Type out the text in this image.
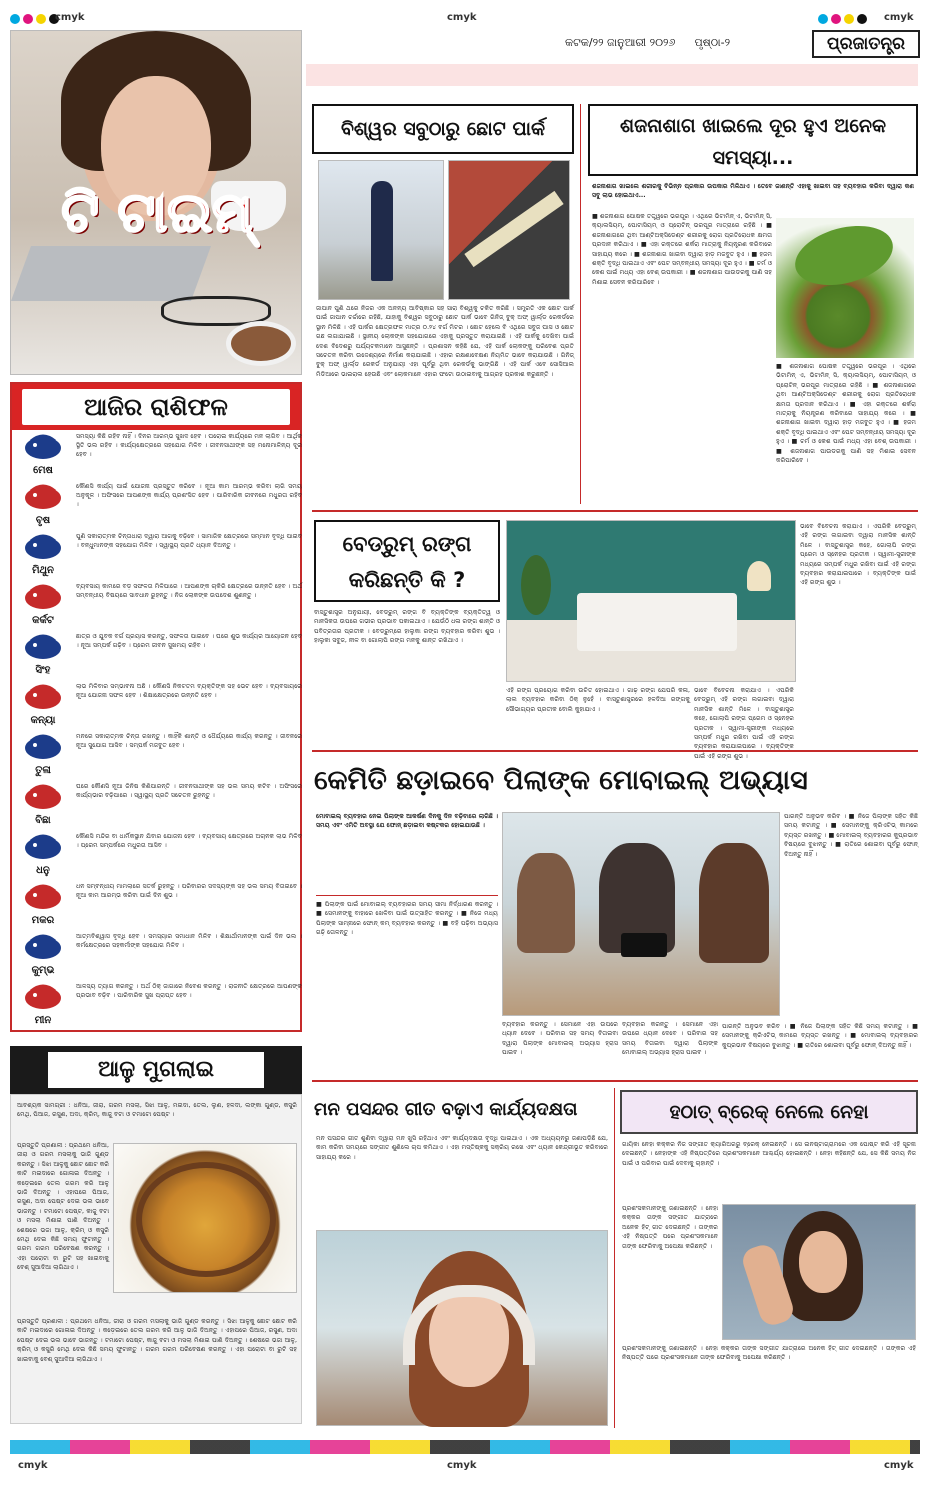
cmyk	cmyk	cmyk
କଟକ/୨୨ ଜାନୁଆରୀ ୨୦୨୬ ପୃଷ୍ଠା-୨	ପ୍ରଜାତନ୍ତ୍ର
ଟି ଟାଇମ୍
ଆଜିର ରାଶିଫଳ
ମେଷ
ସମସ୍ୟା କିଛି ରହିବ ନାହିଁ । ଦିନର ଆରମ୍ଭ ସୁଖଦ ହେବ । ଘରୋଇ କାର୍ଯ୍ୟରେ ମନ ଲାଗିବ । ଆର୍ଥିକ ସ୍ଥିତି ଭଲ ରହିବ । କାର୍ଯ୍ୟକ୍ଷେତ୍ରରେ ସହଯୋଗ ମିଳିବ । ଜୀବନସାଥୀଙ୍କ ସହ ମନୋମାଳିନ୍ୟ ଦୂର ହେବ ।
ବୃଷ
କୌଣସି କାର୍ଯ୍ୟ ପାଇଁ ଯୋଜନା ପ୍ରସ୍ତୁତ କରିବେ । ନୂଆ କାମ ଆରମ୍ଭ କରିବା ଲାଗି ସମୟ ଅନୁକୂଳ । ଅଫିସରେ ଆପଣଙ୍କ କାର୍ଯ୍ୟ ପ୍ରଶଂସିତ ହେବ । ପାରିବାରିକ ଜୀବନରେ ମଧୁରତା ରହିବ ।
ମିଥୁନ
ପୁଣି ସକାରାତ୍ମକ ଚିନ୍ତାଧାରା ଦ୍ୱାରା ଆଗକୁ ବଢ଼ିବେ । ସାମାଜିକ କ୍ଷେତ୍ରରେ ସମ୍ମାନ ବୃଦ୍ଧି ପାଇବ । ବନ୍ଧୁମାନଙ୍କ ସହଯୋଗ ମିଳିବ । ସ୍ୱାସ୍ଥ୍ୟ ପ୍ରତି ଧ୍ୟାନ ଦିଅନ୍ତୁ ।
କର୍କଟ
ବ୍ୟବସାୟ କାମରେ ବଡ଼ ସଫଳତା ମିଳିପାରେ । ଆପଣଙ୍କ ଚାକିରି କ୍ଷେତ୍ରରେ ଉନ୍ନତି ହେବ । ଅର୍ଥ ସମ୍ବନ୍ଧୀୟ ବିଷୟରେ ସାବଧାନ ରୁହନ୍ତୁ । ନିଜ ଲୋକଙ୍କ ଉପଦେଶ ଶୁଣନ୍ତୁ ।
ସିଂହ
ଛାତ୍ର ଓ ଯୁବକ ବର୍ଗ ପ୍ରୟାସ କରନ୍ତୁ, ସଫଳତା ପାଇବେ । ଘରେ ଶୁଭ କାର୍ଯ୍ୟର ଆୟୋଜନ ହେବ । ନୂଆ ସମ୍ପର୍କ ଗଢ଼ିବ । ପ୍ରେମ ଜୀବନ ସୁଖମୟ ରହିବ ।
କନ୍ୟା
ଲାଭ ମିଳିବାର ସମ୍ଭାବନା ଅଛି । କୌଣସି ନିକଟତମ ବ୍ୟକ୍ତିଙ୍କ ସହ ଭେଟ ହେବ । ବ୍ୟବସାୟରେ ନୂଆ ଯୋଜନା ସଫଳ ହେବ । ଶିକ୍ଷାକ୍ଷେତ୍ରରେ ଉନ୍ନତି ହେବ ।
ତୁଳା
ମନରେ ସକାରାତ୍ମକ ଚିନ୍ତା ରଖନ୍ତୁ । କାହିଁକି ଶାନ୍ତି ଓ ଧୈର୍ଯ୍ୟରେ କାର୍ଯ୍ୟ କରନ୍ତୁ । ଜୀବନରେ ନୂଆ ସୁଯୋଗ ଆସିବ । ସମ୍ପର୍କ ମଜବୁତ ହେବ ।
ବିଛା
ଘରେ କୌଣସି ନୂଆ ଜିନିଷ କିଣିପାରନ୍ତି । ଜୀବନସାଥୀଙ୍କ ସହ ଭଲ ସମୟ କଟିବ । ଅଫିସରେ କାର୍ଯ୍ୟଭାର ବଢ଼ିପାରେ । ସ୍ୱାସ୍ଥ୍ୟ ପ୍ରତି ସଚେତନ ରୁହନ୍ତୁ ।
ଧନୁ
କୌଣସି ମନ୍ଦିର ବା ଧାର୍ମିକସ୍ଥାନ ଯିବାର ଯୋଜନା ହେବ । ବ୍ୟବସାୟ କ୍ଷେତ୍ରରେ ଅଚାନକ ଲାଭ ମିଳିବ । ପ୍ରେମ ସମ୍ପର୍କରେ ମଧୁରତା ଆସିବ ।
ମକର
ଧନ ସମ୍ବନ୍ଧୀୟ ମାମଲାରେ ସତର୍କ ରୁହନ୍ତୁ । ପରିବାରର ସଦସ୍ୟଙ୍କ ସହ ଭଲ ସମୟ ବିତାଇବେ । ନୂଆ କାମ ଆରମ୍ଭ କରିବା ପାଇଁ ଦିନ ଶୁଭ ।
କୁମ୍ଭ
ଆତ୍ମବିଶ୍ୱାସ ବୃଦ୍ଧି ହେବ । ସମସ୍ୟାର ସମାଧାନ ମିଳିବ । ଶିକ୍ଷାର୍ଥୀମାନଙ୍କ ପାଇଁ ଦିନ ଭଲ । କର୍ମକ୍ଷେତ୍ରରେ ସହକର୍ମୀଙ୍କ ସହଯୋଗ ମିଳିବ ।
ମୀନ
ଆଳସ୍ୟ ତ୍ୟାଗ କରନ୍ତୁ । ଅର୍ଥ ଠିକ୍ ଜାଗାରେ ନିବେଶ କରନ୍ତୁ । ରାଜନୀତି କ୍ଷେତ୍ରରେ ଆପଣଙ୍କ ପ୍ରଭାବ ବଢ଼ିବ । ପାରିବାରିକ ସୁଖ ପ୍ରାପ୍ତ ହେବ ।
ଆଳୁ ମୁଗଲାଇ
ଆବଶ୍ୟକ ସାମଗ୍ରୀ : ଧନିଆ, ଜୀରା, ଗରମ ମସଲା, ସିଝା ଆଳୁ, ମଇଦା, ତେଲ, ଲୁଣ, ହଳଦୀ, ଲଙ୍କା ଗୁଣ୍ଡ, କସୁରି ମେଥି, ପିଆଜ, ରସୁଣ, ଅଦା, କ୍ରିମ୍, କାଜୁ ବଟା ଓ ଟମାଟୋ ପେଷ୍ଟ ।
ପ୍ରସ୍ତୁତି ପ୍ରଣାଳୀ : ପ୍ରଥମେ ଧନିଆ, ଜୀରା ଓ ଗରମ ମସଲାକୁ ଭାଜି ଗୁଣ୍ଡ କରନ୍ତୁ । ସିଝା ଆଳୁକୁ ଛୋଟ ଛୋଟ କରି କାଟି ମଇଦାରେ ଗୋଳାଇ ଦିଅନ୍ତୁ । କଡ଼େଇରେ ତେଲ ଗରମ କରି ଆଳୁ ଭାଜି ଦିଅନ୍ତୁ । ଏହାପରେ ପିଆଜ, ରସୁଣ, ଅଦା ପେଷ୍ଟ ଦେଇ ଭଲ ଭାବେ ଭାଜନ୍ତୁ । ଟମାଟୋ ପେଷ୍ଟ, କାଜୁ ବଟା ଓ ମସଲା ମିଶାଇ ପାଣି ଦିଅନ୍ତୁ । ଶେଷରେ ଭଜା ଆଳୁ, କ୍ରିମ୍ ଓ କସୁରି ମେଥି ଦେଇ କିଛି ସମୟ ଫୁଟାନ୍ତୁ । ଗରମ ଗରମ ପରିବେଷଣ କରନ୍ତୁ । ଏହା ପରୋଟା ବା ରୁଟି ସହ ଖାଇବାକୁ ବେଶ୍ ସୁଆଦିଆ ଲାଗିଥାଏ ।
ପ୍ରସ୍ତୁତି ପ୍ରଣାଳୀ : ପ୍ରଥମେ ଧନିଆ, ଜୀରା ଓ ଗରମ ମସଲାକୁ ଭାଜି ଗୁଣ୍ଡ କରନ୍ତୁ । ସିଝା ଆଳୁକୁ ଛୋଟ ଛୋଟ କରି କାଟି ମଇଦାରେ ଗୋଳାଇ ଦିଅନ୍ତୁ । କଡ଼େଇରେ ତେଲ ଗରମ କରି ଆଳୁ ଭାଜି ଦିଅନ୍ତୁ । ଏହାପରେ ପିଆଜ, ରସୁଣ, ଅଦା ପେଷ୍ଟ ଦେଇ ଭଲ ଭାବେ ଭାଜନ୍ତୁ । ଟମାଟୋ ପେଷ୍ଟ, କାଜୁ ବଟା ଓ ମସଲା ମିଶାଇ ପାଣି ଦିଅନ୍ତୁ । ଶେଷରେ ଭଜା ଆଳୁ, କ୍ରିମ୍ ଓ କସୁରି ମେଥି ଦେଇ କିଛି ସମୟ ଫୁଟାନ୍ତୁ । ଗରମ ଗରମ ପରିବେଷଣ କରନ୍ତୁ । ଏହା ପରୋଟା ବା ରୁଟି ସହ ଖାଇବାକୁ ବେଶ୍ ସୁଆଦିଆ ଲାଗିଥାଏ ।
cmyk	cmyk	cmyk
ବିଶ୍ୱର ସବୁଠାରୁ ଛୋଟ ପାର୍କ
ଜାପାନ ପୁଣି ଥରେ ନିଜର ଏକ ଅନନ୍ୟ ଆବିଷ୍କାର ସହ ସାରା ବିଶ୍ୱକୁ ଚକିତ କରିଛି । ସମ୍ପ୍ରତି ଏକ ଛୋଟ ପାର୍କ ପାଇଁ ଜାପାନ ଚର୍ଚ୍ଚାରେ ରହିଛି, ଯାହାକୁ ବିଶ୍ୱର ସବୁଠାରୁ ଛୋଟ ପାର୍କ ଭାବେ ଗିନିଜ୍ ବୁକ୍ ଅଫ୍ ୱାର୍ଲ୍ଡ ରେକର୍ଡରେ ସ୍ଥାନ ମିଳିଛି । ଏହି ପାର୍କର କ୍ଷେତ୍ରଫଳ ମାତ୍ର ୦.୨୪ ବର୍ଗ ମିଟର । ଛୋଟ ହେଲେ ବି ଏଥିରେ ସବୁଜ ଘାସ ଓ ଛୋଟ ଗଛ ଲଗାଯାଇଛି । ସ୍ଥାନୀୟ ଲୋକଙ୍କ ସହଯୋଗରେ ଏହାକୁ ପ୍ରସ୍ତୁତ କରାଯାଇଛି । ଏହି ପାର୍କକୁ ଦେଖିବା ପାଇଁ ଦେଶ ବିଦେଶରୁ ପର୍ଯ୍ୟଟକମାନେ ଆସୁଛନ୍ତି । ପ୍ରଶାସନ କହିଛି ଯେ, ଏହି ପାର୍କ ଲୋକଙ୍କୁ ପରିବେଶ ପ୍ରତି ସଚେତନ କରିବା ଉଦ୍ଦେଶ୍ୟରେ ନିର୍ମାଣ କରାଯାଇଛି । ଏହାର ରକ୍ଷଣାବେକ୍ଷଣ ନିୟମିତ ଭାବେ କରାଯାଉଛି । ଗିନିଜ୍ ବୁକ୍ ଅଫ୍ ୱାର୍ଲ୍ଡ ରେକର୍ଡ ଅନୁଯାୟୀ ଏହା ପୂର୍ବରୁ ଥିବା ରେକର୍ଡକୁ ଭାଙ୍ଗିଛି । ଏହି ପାର୍କ ଏବେ ସୋସିଆଲ ମିଡିଆରେ ଭାଇରାଲ ହେଉଛି ଏବଂ ଲୋକମାନେ ଏହାର ଫଟୋ ଉଠାଇବାକୁ ଆଗ୍ରହ ପ୍ରକାଶ କରୁଛନ୍ତି ।
ଶଜନାଶାଗ ଖାଇଲେ ଦୂର ହୁଏ ଅନେକ ସମସ୍ୟା...
ଶଜନାଶାଗ ଖାଇଲେ ଶରୀରକୁ ବିଭିନ୍ନ ପ୍ରକାର ଉପକାର ମିଳିଥାଏ । ତେବେ ଜାଣନ୍ତି ଏହାକୁ ଖାଇବା ସହ ବ୍ୟବହାର କରିବା ଦ୍ୱାରା କଣ ସବୁ ଲାଭ ହୋଇଥାଏ...
■ ଶଜନାଶାଗ ପୋଷକ ତତ୍ତ୍ୱରେ ଭରପୂର । ଏଥିରେ ଭିଟାମିନ୍ ଏ, ଭିଟାମିନ୍ ସି, କ୍ୟାଲସିୟମ୍, ପୋଟାସିୟମ୍ ଓ ପ୍ରୋଟିନ୍ ଭରପୂର ମାତ୍ରାରେ ରହିଛି । ■ ଶଜନାଶାଗରେ ଥିବା ଆଣ୍ଟିଅକ୍ସିଡେଣ୍ଟ ଶରୀରକୁ ରୋଗ ପ୍ରତିରୋଧକ କ୍ଷମତା ପ୍ରଦାନ କରିଥାଏ । ■ ଏହା ରକ୍ତରେ ଶର୍କରା ମାତ୍ରାକୁ ନିୟନ୍ତ୍ରଣ କରିବାରେ ସାହାଯ୍ୟ କରେ । ■ ଶଜନାଶାଗ ଖାଇବା ଦ୍ୱାରା ହାଡ଼ ମଜବୁତ ହୁଏ । ■ ହଜମ ଶକ୍ତି ବୃଦ୍ଧି ପାଇଥାଏ ଏବଂ ପେଟ ସମ୍ବନ୍ଧୀୟ ସମସ୍ୟା ଦୂର ହୁଏ । ■ ଚର୍ମ ଓ କେଶ ପାଇଁ ମଧ୍ୟ ଏହା ବେଶ୍ ଉପକାରୀ । ■ ଶଜନାଶାଗ ପାଉଡରକୁ ପାଣି ସହ ମିଶାଇ ସେବନ କରିପାରିବେ ।
■ ଶଜନାଶାଗ ପୋଷକ ତତ୍ତ୍ୱରେ ଭରପୂର । ଏଥିରେ ଭିଟାମିନ୍ ଏ, ଭିଟାମିନ୍ ସି, କ୍ୟାଲସିୟମ୍, ପୋଟାସିୟମ୍ ଓ ପ୍ରୋଟିନ୍ ଭରପୂର ମାତ୍ରାରେ ରହିଛି । ■ ଶଜନାଶାଗରେ ଥିବା ଆଣ୍ଟିଅକ୍ସିଡେଣ୍ଟ ଶରୀରକୁ ରୋଗ ପ୍ରତିରୋଧକ କ୍ଷମତା ପ୍ରଦାନ କରିଥାଏ । ■ ଏହା ରକ୍ତରେ ଶର୍କରା ମାତ୍ରାକୁ ନିୟନ୍ତ୍ରଣ କରିବାରେ ସାହାଯ୍ୟ କରେ । ■ ଶଜନାଶାଗ ଖାଇବା ଦ୍ୱାରା ହାଡ଼ ମଜବୁତ ହୁଏ । ■ ହଜମ ଶକ୍ତି ବୃଦ୍ଧି ପାଇଥାଏ ଏବଂ ପେଟ ସମ୍ବନ୍ଧୀୟ ସମସ୍ୟା ଦୂର ହୁଏ । ■ ଚର୍ମ ଓ କେଶ ପାଇଁ ମଧ୍ୟ ଏହା ବେଶ୍ ଉପକାରୀ । ■ ଶଜନାଶାଗ ପାଉଡରକୁ ପାଣି ସହ ମିଶାଇ ସେବନ କରିପାରିବେ ।
ବେଡ୍‌ରୁମ୍ ରଙ୍ଗ କରିଛନ୍ତି କି ?
ବାସ୍ତୁଶାସ୍ତ୍ର ଅନୁଯାୟୀ, ବେଡ୍‌ରୁମ୍ ରଙ୍ଗ ବି ବ୍ୟକ୍ତିଙ୍କ ବ୍ୟକ୍ତିତ୍ୱ ଓ ମାନସିକତା ଉପରେ ଗଭୀର ପ୍ରଭାବ ପକାଇଥାଏ । ଯେଉଁଠି ଧଳା ରଙ୍ଗ ଶାନ୍ତି ଓ ପବିତ୍ରତାର ପ୍ରତୀକ । ବେଡ୍‌ରୁମ୍‌ରେ ହାଲୁକା ରଙ୍ଗ ବ୍ୟବହାର କରିବା ଶୁଭ । ହାଲୁକା ସବୁଜ, ନୀଳ ବା ଗୋଲାପି ରଙ୍ଗ ମନକୁ ଶାନ୍ତ ରଖିଥାଏ ।
ଏହି ରଙ୍ଗ ପ୍ରୟୋଗ କରିବା ଉଚିତ ହୋଇଥାଏ । ଗାଢ଼ ରଙ୍ଗ ଯେପରି କଳା, ଲାଲ ବ୍ୟବହାର କରିବା ଠିକ୍ ନୁହେଁ । ବାସ୍ତୁଶାସ୍ତ୍ରରେ ହଳଦିଆ ରଙ୍ଗକୁ ସୌଭାଗ୍ୟର ପ୍ରତୀକ ବୋଲି କୁହାଯାଏ ।
ଭାବେ ବିବେଚନା କରାଯାଏ । ଏପରିକି ବେଡ୍‌ରୁମ୍ ଏହି ରଙ୍ଗ ଲଗାଇବା ଦ୍ୱାରା ମାନସିକ ଶାନ୍ତି ମିଳେ । ବାସ୍ତୁଶାସ୍ତ୍ର କହେ, ଗୋଲାପି ରଙ୍ଗ ପ୍ରେମ ଓ ସ୍ନେହର ପ୍ରତୀକ । ସ୍ୱାମୀ-ସ୍ତ୍ରୀଙ୍କ ମଧ୍ୟରେ ସମ୍ପର୍କ ମଧୁର ରଖିବା ପାଇଁ ଏହି ରଙ୍ଗ ବ୍ୟବହାର କରାଯାଇପାରେ । ବ୍ୟକ୍ତିଙ୍କ ପାଇଁ ଏହି ରଙ୍ଗ ଶୁଭ ।
ଭାବେ ବିବେଚନା କରାଯାଏ । ଏପରିକି ବେଡ୍‌ରୁମ୍ ଏହି ରଙ୍ଗ ଲଗାଇବା ଦ୍ୱାରା ମାନସିକ ଶାନ୍ତି ମିଳେ । ବାସ୍ତୁଶାସ୍ତ୍ର କହେ, ଗୋଲାପି ରଙ୍ଗ ପ୍ରେମ ଓ ସ୍ନେହର ପ୍ରତୀକ । ସ୍ୱାମୀ-ସ୍ତ୍ରୀଙ୍କ ମଧ୍ୟରେ ସମ୍ପର୍କ ମଧୁର ରଖିବା ପାଇଁ ଏହି ରଙ୍ଗ ବ୍ୟବହାର କରାଯାଇପାରେ । ବ୍ୟକ୍ତିଙ୍କ ପାଇଁ ଏହି ରଙ୍ଗ ଶୁଭ ।
କେମିତି ଛଡ଼ାଇବେ ପିଲାଙ୍କ ମୋବାଇଲ୍ ଅଭ୍ୟାସ
ମୋବାଇଲ୍ ବ୍ୟବହାର ନେଇ ପିଲାଙ୍କ ଆକର୍ଷଣ ଦିନକୁ ଦିନ ବଢ଼ିବାରେ ଲାଗିଛି । ସମୟ ଏବଂ ଏମିତି ଅବସ୍ଥା ଯେ ଫୋନ୍ ଛଡ଼ାଇବା କଷ୍ଟକର ହୋଇଯାଉଛି ।
■ ପିଲାଙ୍କ ପାଇଁ ମୋବାଇଲ୍ ବ୍ୟବହାରର ସମୟ ସୀମା ନିର୍ଦ୍ଧାରଣ କରନ୍ତୁ । ■ ସେମାନଙ୍କୁ ବାହାରେ ଖେଳିବା ପାଇଁ ଉତ୍ସାହିତ କରନ୍ତୁ । ■ ନିଜେ ମଧ୍ୟ ପିଲାଙ୍କ ସାମ୍ନାରେ ଫୋନ୍ କମ୍ ବ୍ୟବହାର କରନ୍ତୁ । ■ ବହି ପଢ଼ିବା ଅଭ୍ୟାସ ଗଢ଼ି ତୋଳନ୍ତୁ ।
ବ୍ୟବହାର କରନ୍ତୁ । ସେମାନେ ଏହା ଉପରେ ଧ୍ୟାନ ଦେବେ । ପରିବାର ସହ ସମୟ ବିତାଇବା ଦ୍ୱାରା ପିଲାଙ୍କ ମୋବାଇଲ୍ ଅଭ୍ୟାସ ହ୍ରାସ ପାଇବ ।
ବ୍ୟବହାର କରନ୍ତୁ । ସେମାନେ ଏହା ଉପରେ ଧ୍ୟାନ ଦେବେ । ପରିବାର ସହ ସମୟ ବିତାଇବା ଦ୍ୱାରା ପିଲାଙ୍କ ମୋବାଇଲ୍ ଅଭ୍ୟାସ ହ୍ରାସ ପାଇବ ।
ପାରନ୍ତି ଅନୁଭବ କରିବ । ■ ନିଜେ ପିଲାଙ୍କ ସହିତ କିଛି ସମୟ କଟାନ୍ତୁ । ■ ସେମାନଙ୍କୁ କ୍ରିଏଟିଭ୍ କାମରେ ବ୍ୟସ୍ତ ରଖନ୍ତୁ । ■ ମୋବାଇଲ୍ ବ୍ୟବହାରର କୁପ୍ରଭାବ ବିଷୟରେ ବୁଝାନ୍ତୁ । ■ ରାତିରେ ଶୋଇବା ପୂର୍ବରୁ ଫୋନ୍ ଦିଅନ୍ତୁ ନାହିଁ ।
ପାରନ୍ତି ଅନୁଭବ କରିବ । ■ ନିଜେ ପିଲାଙ୍କ ସହିତ କିଛି ସମୟ କଟାନ୍ତୁ । ■ ସେମାନଙ୍କୁ କ୍ରିଏଟିଭ୍ କାମରେ ବ୍ୟସ୍ତ ରଖନ୍ତୁ । ■ ମୋବାଇଲ୍ ବ୍ୟବହାରର କୁପ୍ରଭାବ ବିଷୟରେ ବୁଝାନ୍ତୁ । ■ ରାତିରେ ଶୋଇବା ପୂର୍ବରୁ ଫୋନ୍ ଦିଅନ୍ତୁ ନାହିଁ ।
ମନ ପସନ୍ଦର ଗୀତ ବଢ଼ାଏ କାର୍ଯ୍ୟଦକ୍ଷତା
ମନ ପସନ୍ଦର ଗୀତ ଶୁଣିବା ଦ୍ୱାରା ମନ ଖୁସି ରହିଥାଏ ଏବଂ କାର୍ଯ୍ୟଦକ୍ଷତା ବୃଦ୍ଧି ପାଇଥାଏ । ଏକ ଅଧ୍ୟୟନରୁ ଜଣାପଡ଼ିଛି ଯେ, କାମ କରିବା ସମୟରେ ସଙ୍ଗୀତ ଶୁଣିଲେ ଚାପ କମିଥାଏ । ଏହା ମସ୍ତିଷ୍କକୁ ସକ୍ରିୟ ରଖେ ଏବଂ ଧ୍ୟାନ କେନ୍ଦ୍ରୀଭୂତ କରିବାରେ ସାହାଯ୍ୟ କରେ ।
ହଠାତ୍ ବ୍ରେକ୍ ନେଲେ ନେହା
ଗାୟିକା ନେହା କକ୍କର ନିଜ ସଙ୍ଗୀତ କ୍ୟାରିଅରରୁ ବ୍ରେକ୍ ନେଇଛନ୍ତି । ସେ ଇନଷ୍ଟାଗ୍ରାମରେ ଏକ ପୋଷ୍ଟ କରି ଏହି ସୂଚନା ଦେଇଛନ୍ତି । ନେହାଙ୍କ ଏହି ନିଷ୍ପତ୍ତିରେ ପ୍ରଶଂସକମାନେ ଆଶ୍ଚର୍ଯ୍ୟ ହୋଇଛନ୍ତି । ନେହା କହିଛନ୍ତି ଯେ, ସେ କିଛି ସମୟ ନିଜ ପାଇଁ ଓ ପରିବାର ପାଇଁ ଦେବାକୁ ଚାହାନ୍ତି ।
ପ୍ରଶଂସକମାନଙ୍କୁ ଜଣାଇଛନ୍ତି । ନେହା କକ୍କର ତାଙ୍କ ସଙ୍ଗୀତ ଯାତ୍ରାରେ ଅନେକ ହିଟ୍ ଗୀତ ଦେଇଛନ୍ତି । ତାଙ୍କର ଏହି ନିଷ୍ପତ୍ତି ପରେ ପ୍ରଶଂସକମାନେ ତାଙ୍କ ଫେରିବାକୁ ଅପେକ୍ଷା କରିଛନ୍ତି ।
ପ୍ରଶଂସକମାନଙ୍କୁ ଜଣାଇଛନ୍ତି । ନେହା କକ୍କର ତାଙ୍କ ସଙ୍ଗୀତ ଯାତ୍ରାରେ ଅନେକ ହିଟ୍ ଗୀତ ଦେଇଛନ୍ତି । ତାଙ୍କର ଏହି ନିଷ୍ପତ୍ତି ପରେ ପ୍ରଶଂସକମାନେ ତାଙ୍କ ଫେରିବାକୁ ଅପେକ୍ଷା କରିଛନ୍ତି ।
